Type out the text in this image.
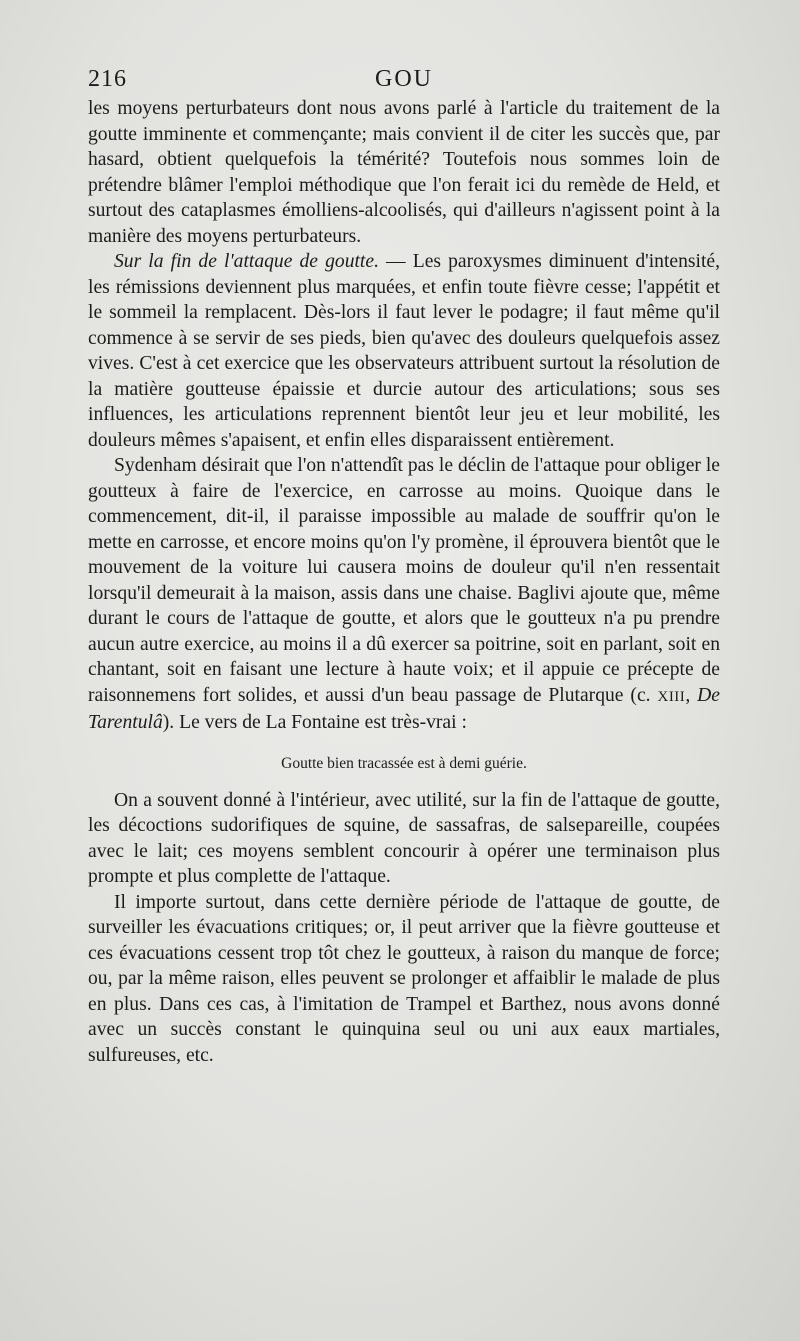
216	GOU

les moyens perturbateurs dont nous avons parlé à l'article du traitement de la goutte imminente et commençante; mais convient il de citer les succès que, par hasard, obtient quelquefois la témérité? Toutefois nous sommes loin de prétendre blâmer l'emploi méthodique que l'on ferait ici du remède de Held, et surtout des cataplasmes émolliens-alcoolisés, qui d'ailleurs n'agissent point à la manière des moyens perturbateurs.

Sur la fin de l'attaque de goutte. — Les paroxysmes diminuent d'intensité, les rémissions deviennent plus marquées, et enfin toute fièvre cesse; l'appétit et le sommeil la remplacent. Dès-lors il faut lever le podagre; il faut même qu'il commence à se servir de ses pieds, bien qu'avec des douleurs quelquefois assez vives. C'est à cet exercice que les observateurs attribuent surtout la résolution de la matière goutteuse épaissie et durcie autour des articulations; sous ses influences, les articulations reprennent bientôt leur jeu et leur mobilité, les douleurs mêmes s'apaisent, et enfin elles disparaissent entièrement.

Sydenham désirait que l'on n'attendît pas le déclin de l'attaque pour obliger le goutteux à faire de l'exercice, en carrosse au moins. Quoique dans le commencement, dit-il, il paraisse impossible au malade de souffrir qu'on le mette en carrosse, et encore moins qu'on l'y promène, il éprouvera bientôt que le mouvement de la voiture lui causera moins de douleur qu'il n'en ressentait lorsqu'il demeurait à la maison, assis dans une chaise. Baglivi ajoute que, même durant le cours de l'attaque de goutte, et alors que le goutteux n'a pu prendre aucun autre exercice, au moins il a dû exercer sa poitrine, soit en parlant, soit en chantant, soit en faisant une lecture à haute voix; et il appuie ce précepte de raisonnemens fort solides, et aussi d'un beau passage de Plutarque (c. XIII, De Tarentulâ). Le vers de La Fontaine est très-vrai :

Goutte bien tracassée est à demi guérie.

On a souvent donné à l'intérieur, avec utilité, sur la fin de l'attaque de goutte, les décoctions sudorifiques de squine, de sassafras, de salsepareille, coupées avec le lait; ces moyens semblent concourir à opérer une terminaison plus prompte et plus complette de l'attaque.

Il importe surtout, dans cette dernière période de l'attaque de goutte, de surveiller les évacuations critiques; or, il peut arriver que la fièvre goutteuse et ces évacuations cessent trop tôt chez le goutteux, à raison du manque de force; ou, par la même raison, elles peuvent se prolonger et affaiblir le malade de plus en plus. Dans ces cas, à l'imitation de Trampel et Barthez, nous avons donné avec un succès constant le quinquina seul ou uni aux eaux martiales, sulfureuses, etc.
